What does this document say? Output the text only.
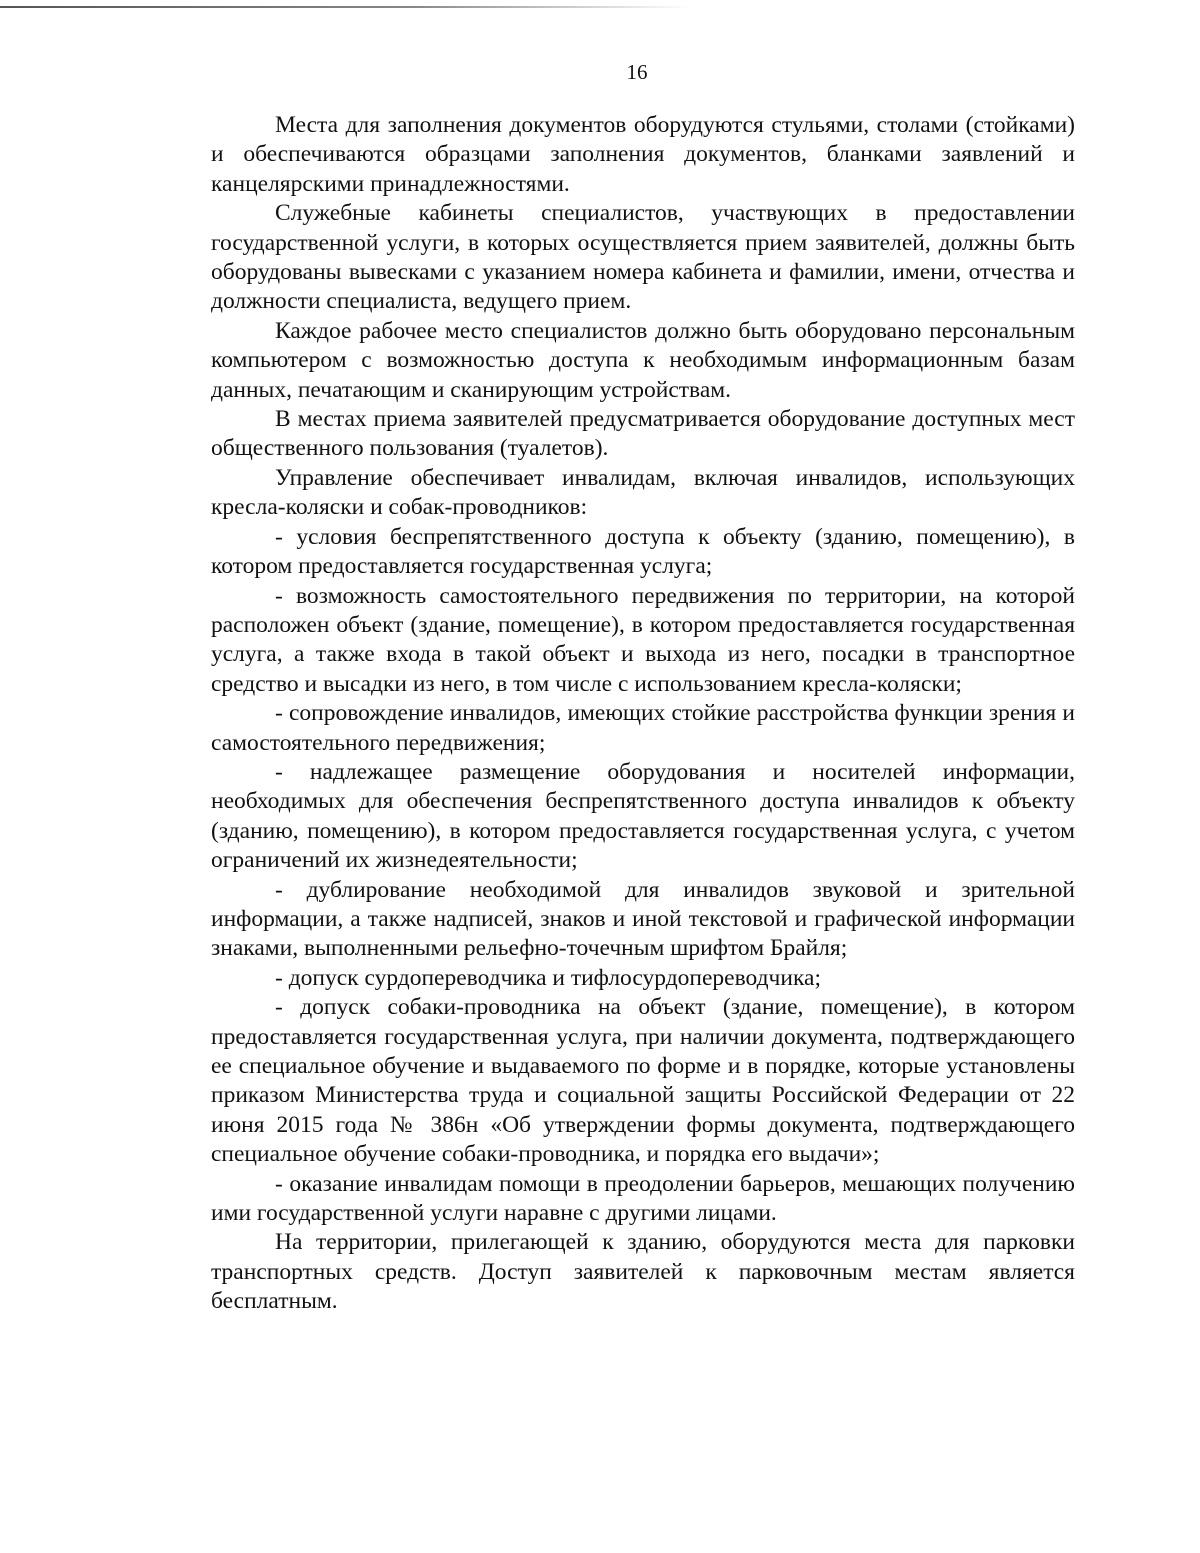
16

Места для заполнения документов оборудуются стульями, столами (стойками) и обеспечиваются образцами заполнения документов, бланками заявлений и канцелярскими принадлежностями.

Служебные кабинеты специалистов, участвующих в предоставлении государственной услуги, в которых осуществляется прием заявителей, должны быть оборудованы вывесками с указанием номера кабинета и фамилии, имени, отчества и должности специалиста, ведущего прием.

Каждое рабочее место специалистов должно быть оборудовано персональным компьютером с возможностью доступа к необходимым информационным базам данных, печатающим и сканирующим устройствам.

В местах приема заявителей предусматривается оборудование доступных мест общественного пользования (туалетов).

Управление обеспечивает инвалидам, включая инвалидов, использующих кресла-коляски и собак-проводников:

- условия беспрепятственного доступа к объекту (зданию, помещению), в котором предоставляется государственная услуга;

- возможность самостоятельного передвижения по территории, на которой расположен объект (здание, помещение), в котором предоставляется государственная услуга, а также входа в такой объект и выхода из него, посадки в транспортное средство и высадки из него, в том числе с использованием кресла-коляски;

- сопровождение инвалидов, имеющих стойкие расстройства функции зрения и самостоятельного передвижения;

- надлежащее размещение оборудования и носителей информации, необходимых для обеспечения беспрепятственного доступа инвалидов к объекту (зданию, помещению), в котором предоставляется государственная услуга, с учетом ограничений их жизнедеятельности;

- дублирование необходимой для инвалидов звуковой и зрительной информации, а также надписей, знаков и иной текстовой и графической информации знаками, выполненными рельефно-точечным шрифтом Брайля;

- допуск сурдопереводчика и тифлосурдопереводчика;

- допуск собаки-проводника на объект (здание, помещение), в котором предоставляется государственная услуга, при наличии документа, подтверждающего ее специальное обучение и выдаваемого по форме и в порядке, которые установлены приказом Министерства труда и социальной защиты Российской Федерации от 22 июня 2015 года № 386н «Об утверждении формы документа, подтверждающего специальное обучение собаки-проводника, и порядка его выдачи»;

- оказание инвалидам помощи в преодолении барьеров, мешающих получению ими государственной услуги наравне с другими лицами.

На территории, прилегающей к зданию, оборудуются места для парковки транспортных средств. Доступ заявителей к парковочным местам является бесплатным.
